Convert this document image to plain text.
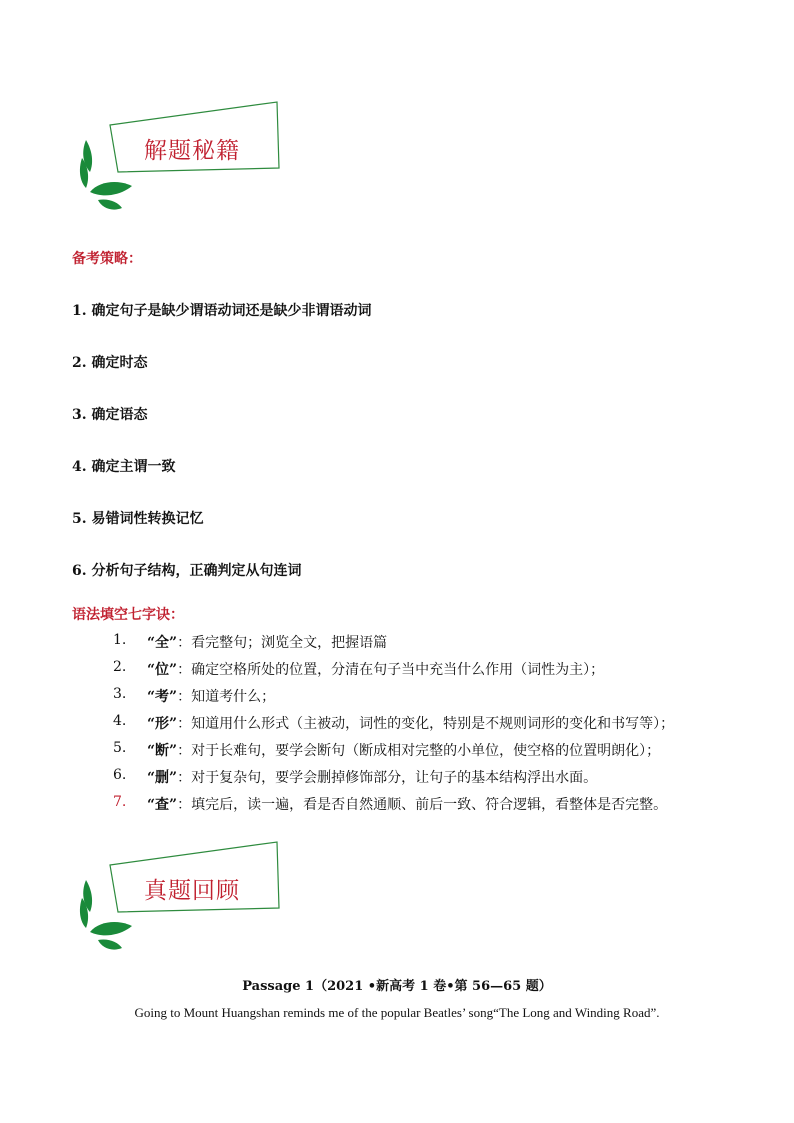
解题秘籍
备考策略：
1. 确定句子是缺少谓语动词还是缺少非谓语动词
2. 确定时态
3. 确定语态
4. 确定主谓一致
5. 易错词性转换记忆
6. 分析句子结构，正确判定从句连词
语法填空七字诀：
1.	“全”：看完整句；浏览全文，把握语篇
2.	“位”：确定空格所处的位置，分清在句子当中充当什么作用（词性为主）；
3.	“考”：知道考什么；
4.	“形”：知道用什么形式（主被动，词性的变化，特别是不规则词形的变化和书写等）；
5.	“断”：对于长难句，要学会断句（断成相对完整的小单位，使空格的位置明朗化）；
6.	“删”：对于复杂句，要学会删掉修饰部分，让句子的基本结构浮出水面。
7.	“查”：填完后，读一遍，看是否自然通顺、前后一致、符合逻辑，看整体是否完整。
真题回顾
Passage 1（2021 •新高考 1 卷•第 56—65 题）
Going to Mount Huangshan reminds me of the popular Beatles’ song“The Long and Winding Road”.
